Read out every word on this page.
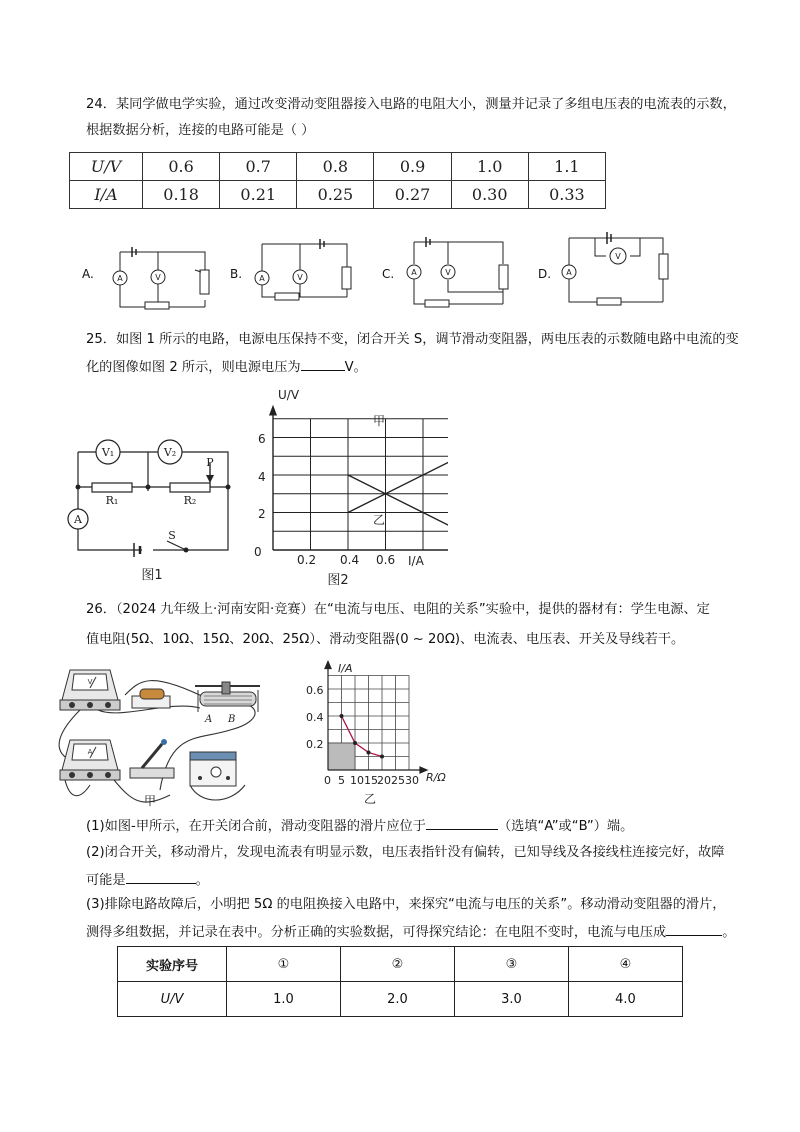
24．某同学做电学实验，通过改变滑动变阻器接入电路的电阻大小，测量并记录了多组电压表的电流表的示数，
根据数据分析，连接的电路可能是（ ）
U/V	0.6	0.7	0.8	0.9	1.0	1.1
I/A	0.18	0.21	0.25	0.27	0.30	0.33
A	V	A	V
A	V	A
V
A.	B.	C.	D.
25．如图 1 所示的电路，电源电压保持不变，闭合开关 S，调节滑动变阻器，两电压表的示数随电路中电流的变
化的图像如图 2 所示，则电源电压为	V。
V₁	V₂
P
R₁	R₂
A
S
图1
U/V
I/A
0
2
4
6
0.2 0.4 0.6
甲
乙
图2
26．（2024 九年级上·河南安阳·竞赛）在“电流与电压、电阻的关系”实验中，提供的器材有：学生电源、定
值电阻(5Ω、10Ω、15Ω、20Ω、25Ω）、滑动变阻器(0 ~ 20Ω)、电流表、电压表、开关及导线若干。
V
A B
A
甲
I/A
R/Ω
0.6
0.4
0.2
0 5 10 15 20 25 30
乙
(1)如图-甲所示，在开关闭合前，滑动变阻器的滑片应位于	（选填“A”或“B”）端。
(2)闭合开关，移动滑片，发现电流表有明显示数，电压表指针没有偏转，已知导线及各接线柱连接完好，故障
可能是	。
(3)排除电路故障后，小明把 5Ω 的电阻换接入电路中，来探究“电流与电压的关系”。移动滑动变阻器的滑片，
测得多组数据，并记录在表中。分析正确的实验数据，可得探究结论：在电阻不变时，电流与电压成	。
实验序号	①	②	③	④
U/V	1.0	2.0	3.0	4.0
